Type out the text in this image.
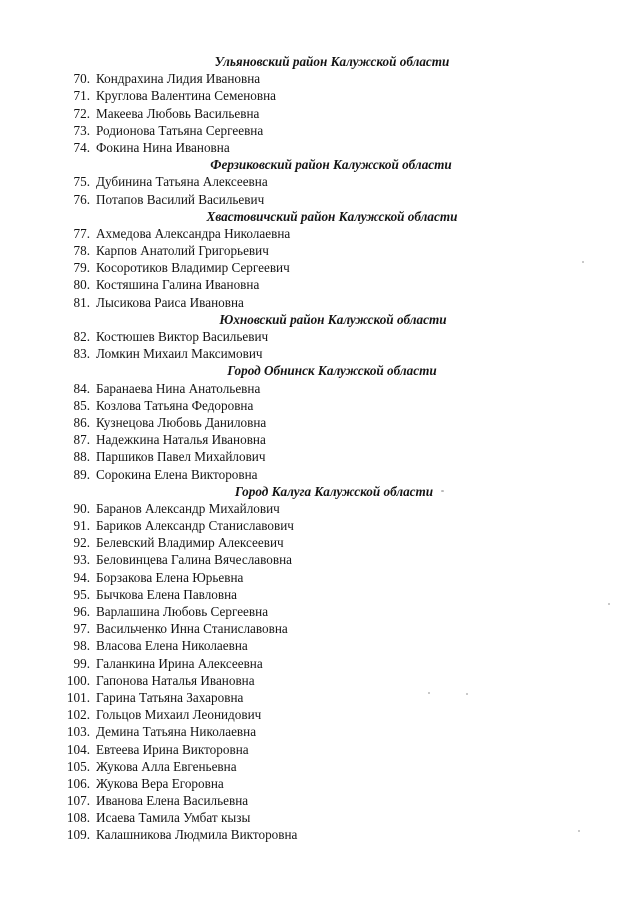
Ульяновский район Калужской области
70. Кондрахина Лидия Ивановна
71. Круглова Валентина Семеновна
72. Макеева Любовь Васильевна
73. Родионова Татьяна Сергеевна
74. Фокина Нина Ивановна
Ферзиковский район Калужской области
75. Дубинина Татьяна Алексеевна
76. Потапов Василий Васильевич
Хвастовичский район Калужской области
77. Ахмедова Александра Николаевна
78. Карпов Анатолий Григорьевич
79. Косоротиков Владимир Сергеевич
80. Костяшина Галина Ивановна
81. Лысикова Раиса Ивановна
Юхновский район Калужской области
82. Костюшев Виктор Васильевич
83. Ломкин Михаил Максимович
Город Обнинск Калужской области
84. Баранаева Нина Анатольевна
85. Козлова Татьяна Федоровна
86. Кузнецова Любовь Даниловна
87. Надежкина Наталья Ивановна
88. Паршиков Павел Михайлович
89. Сорокина Елена Викторовна
Город Калуга Калужской области
90. Баранов Александр Михайлович
91. Бариков Александр Станиславович
92. Белевский Владимир Алексеевич
93. Беловинцева Галина Вячеславовна
94. Борзакова Елена Юрьевна
95. Бычкова Елена Павловна
96. Варлашина Любовь Сергеевна
97. Васильченко Инна Станиславовна
98. Власова Елена Николаевна
99. Галанкина Ирина Алексеевна
100. Гапонова Наталья Ивановна
101. Гарина Татьяна Захаровна
102. Гольцов Михаил Леонидович
103. Демина Татьяна Николаевна
104. Евтеева Ирина Викторовна
105. Жукова Алла Евгеньевна
106. Жукова Вера Егоровна
107. Иванова Елена Васильевна
108. Исаева Тамила Умбат кызы
109. Калашникова Людмила Викторовна
